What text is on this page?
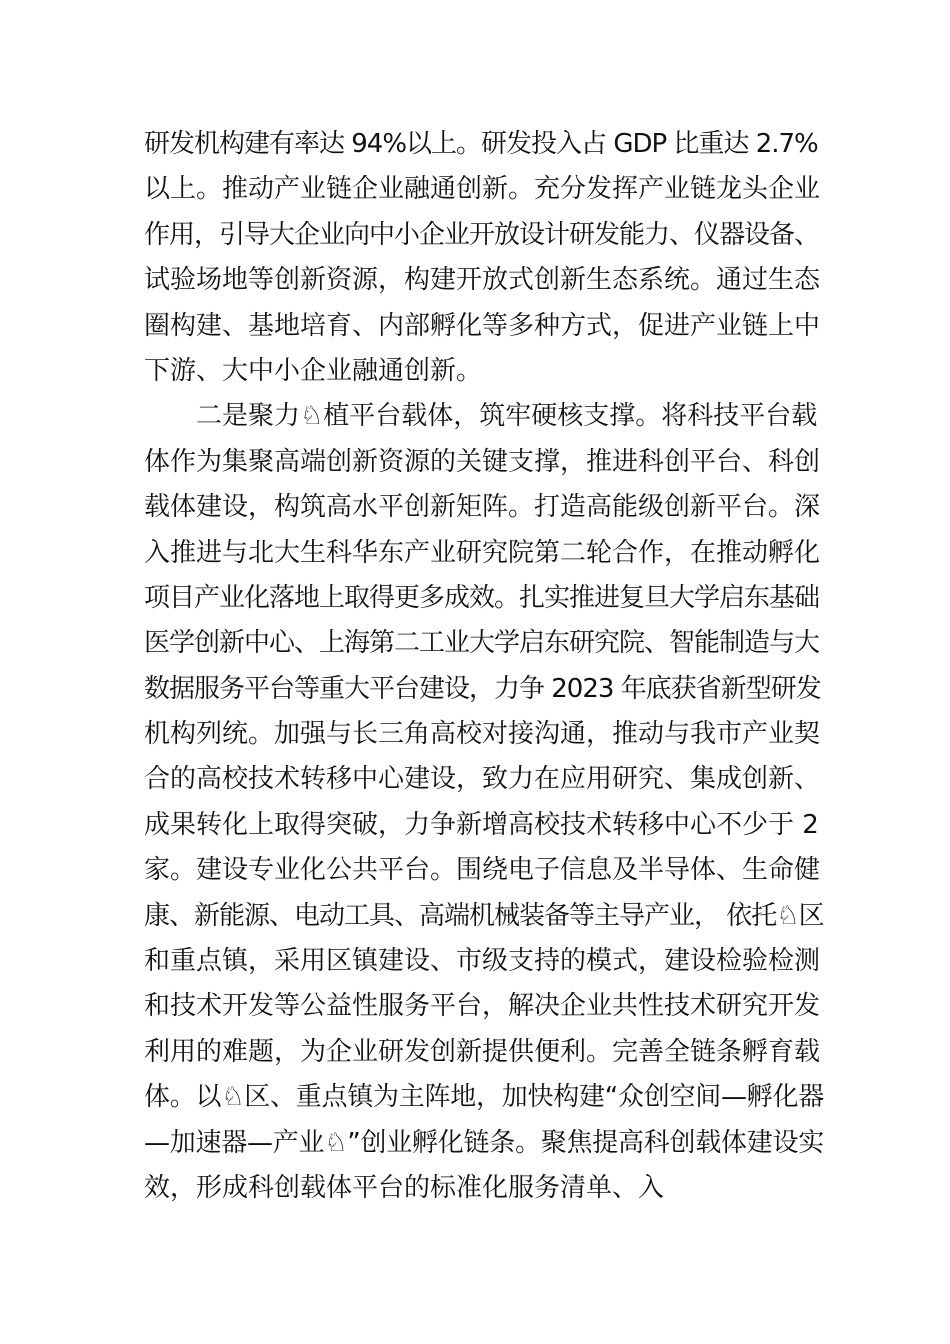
研发机构建有率达 94%以上。研发投入占 GDP 比重达 2.7%
以上。推动产业链企业融通创新。充分发挥产业链龙头企业
作用，引导大企业向中小企业开放设计研发能力、仪器设备、
试验场地等创新资源，构建开放式创新生态系统。通过生态
圈构建、基地培育、内部孵化等多种方式，促进产业链上中
下游、大中小企业融通创新。
二是聚力♘植平台载体，筑牢硬核支撑。将科技平台载
体作为集聚高端创新资源的关键支撑，推进科创平台、科创
载体建设，构筑高水平创新矩阵。打造高能级创新平台。深
入推进与北大生科华东产业研究院第二轮合作，在推动孵化
项目产业化落地上取得更多成效。扎实推进复旦大学启东基础
医学创新中心、上海第二工业大学启东研究院、智能制造与大
数据服务平台等重大平台建设，力争 2023 年底获省新型研发
机构列统。加强与长三角高校对接沟通，推动与我市产业契
合的高校技术转移中心建设，致力在应用研究、集成创新、
成果转化上取得突破，力争新增高校技术转移中心不少于 2
家。建设专业化公共平台。围绕电子信息及半导体、生命健
康、新能源、电动工具、高端机械装备等主导产业， 依托♘区
和重点镇，采用区镇建设、市级支持的模式，建设检验检测
和技术开发等公益性服务平台，解决企业共性技术研究开发
利用的难题，为企业研发创新提供便利。完善全链条孵育载
体。以♘区、重点镇为主阵地，加快构建“众创空间—孵化器
—加速器—产业♘”创业孵化链条。聚焦提高科创载体建设实
效，形成科创载体平台的标准化服务清单、入
